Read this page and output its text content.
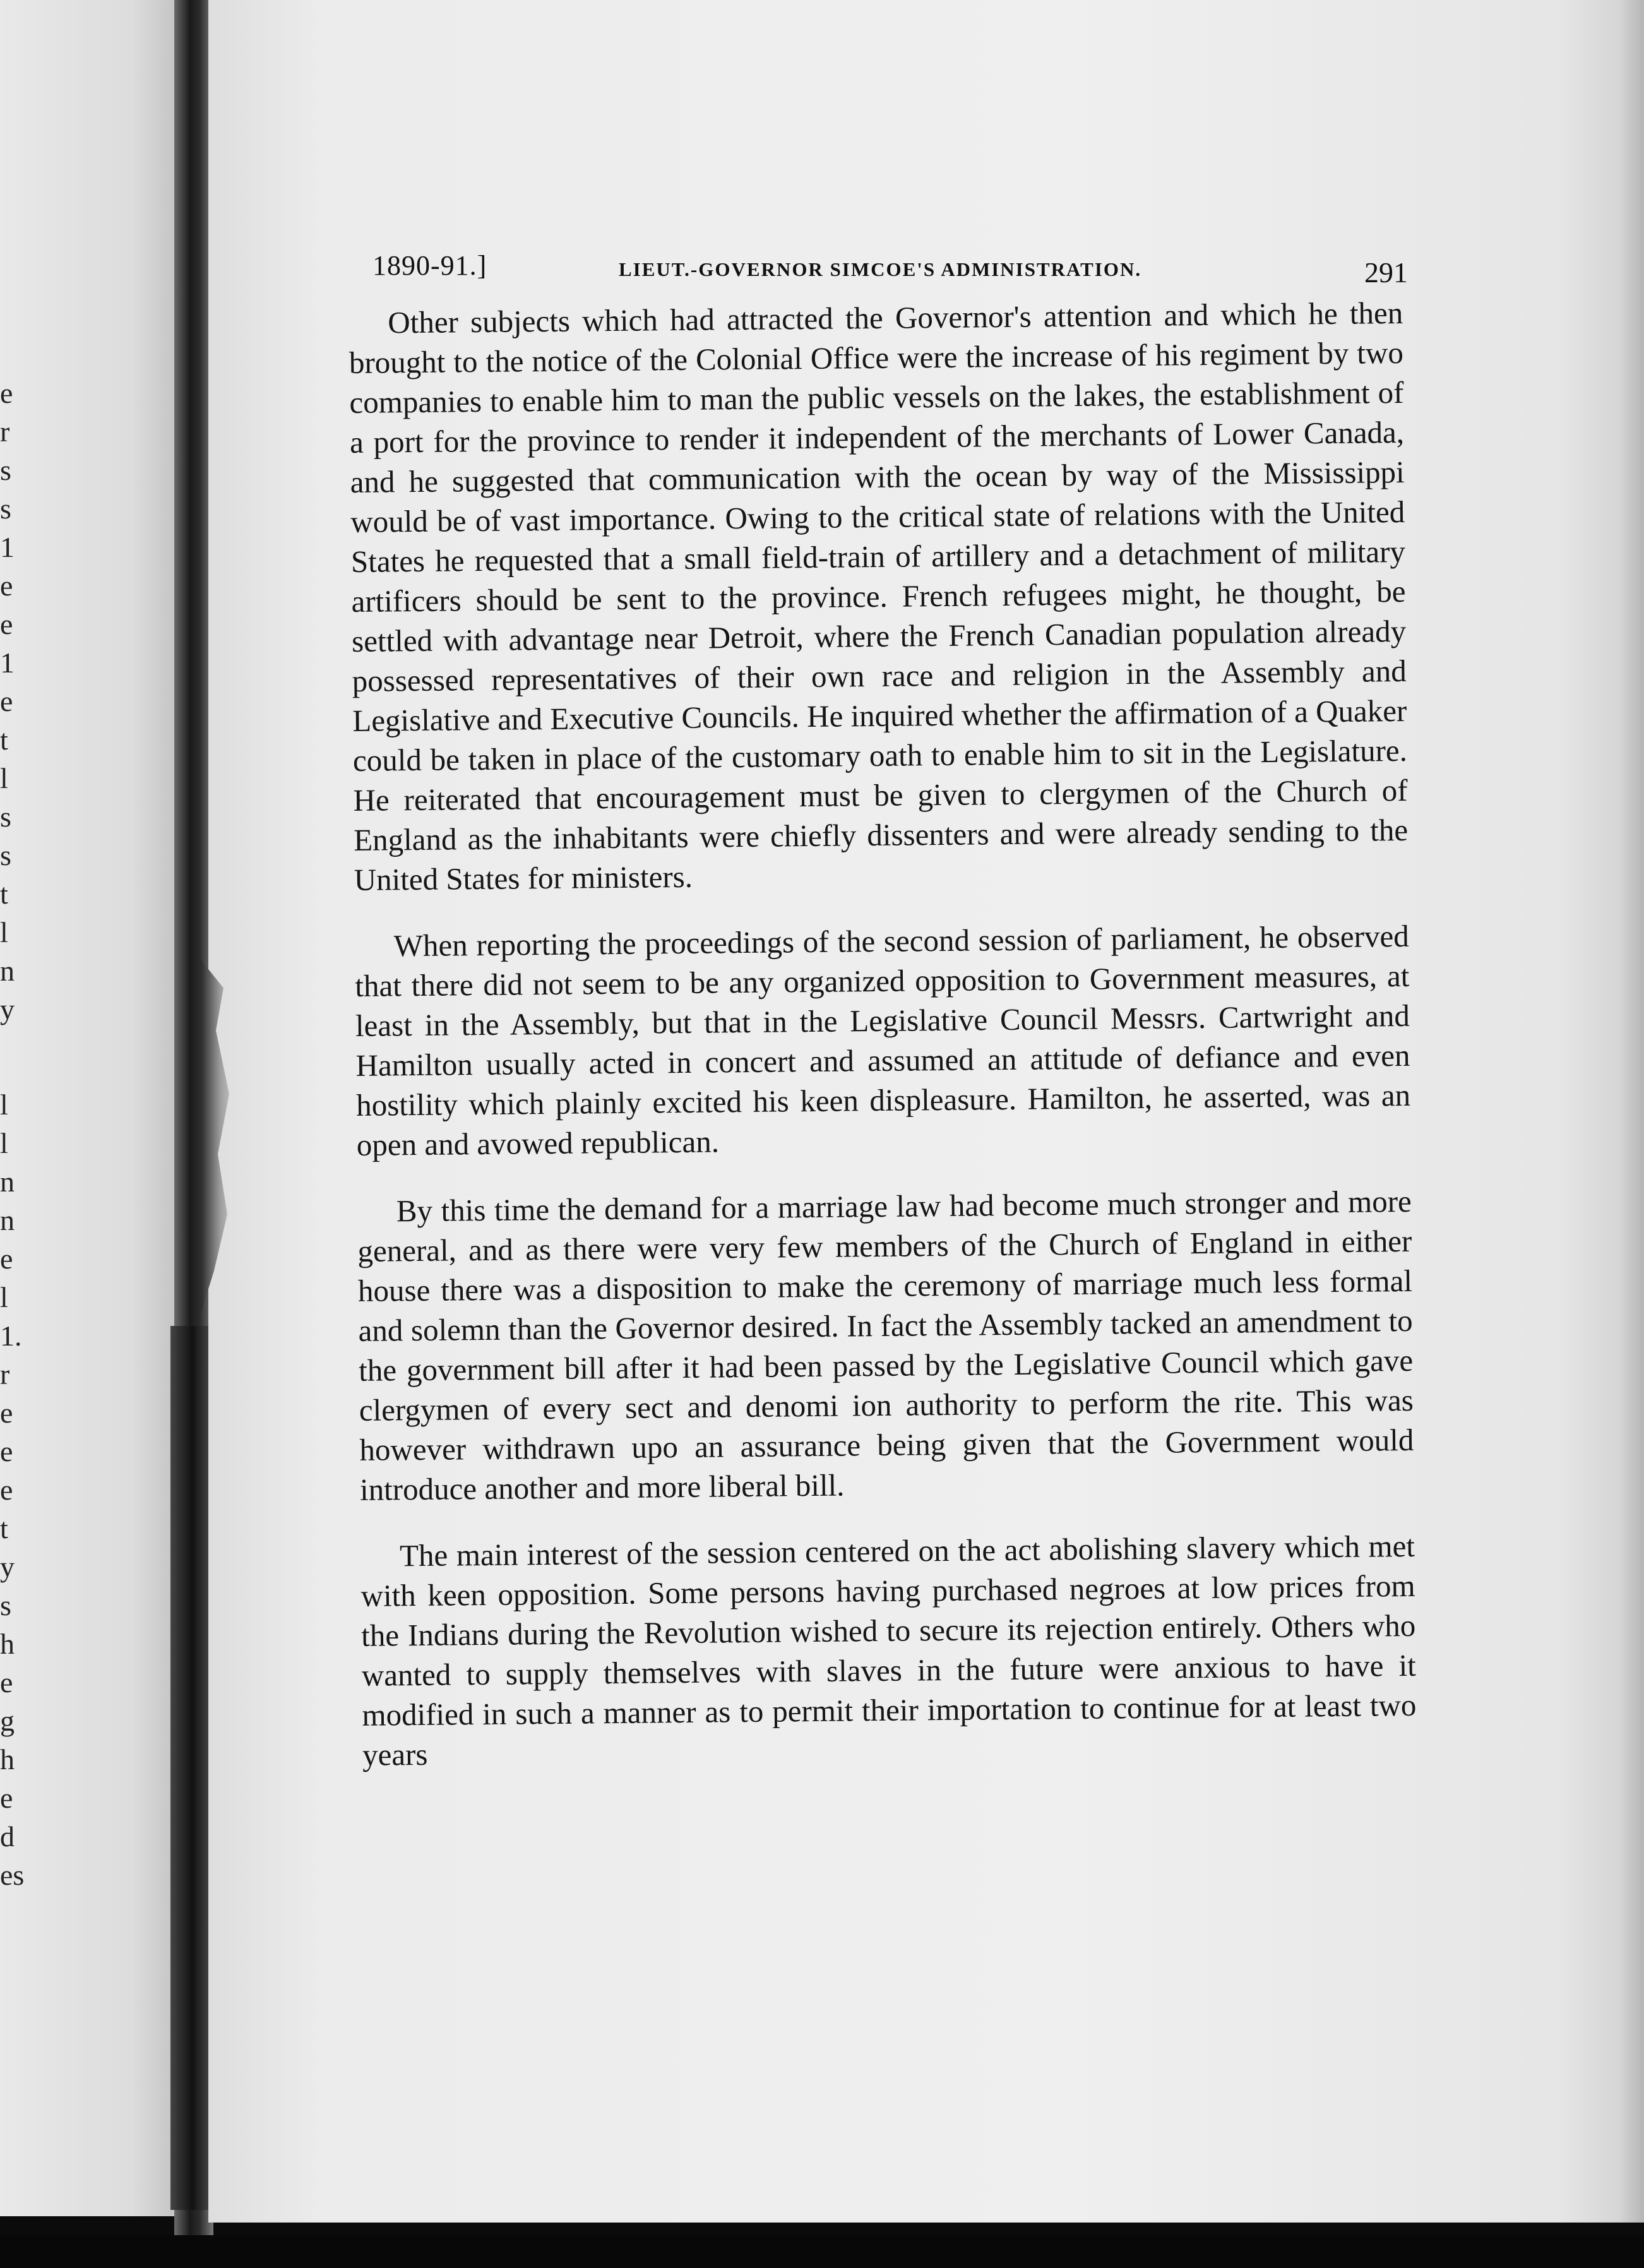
e
r
s
s
1
e
e
1
e
t
l
s
s
t
l
n
y
l
l
n
n
e
l
1.
r
e
e
e
t
y
s
h
e
g
h
e
d
es
1890-91.]	LIEUT.-GOVERNOR SIMCOE'S ADMINISTRATION.	291

Other subjects which had attracted the Governor's attention and which he then brought to the notice of the Colonial Office were the increase of his regiment by two companies to enable him to man the public vessels on the lakes, the establishment of a port for the province to render it independent of the merchants of Lower Canada, and he suggested that communication with the ocean by way of the Mississippi would be of vast importance. Owing to the critical state of relations with the United States he requested that a small field-train of artillery and a detachment of military artificers should be sent to the province. French refugees might, he thought, be settled with advantage near Detroit, where the French Canadian population already possessed representatives of their own race and religion in the Assembly and Legislative and Executive Councils. He inquired whether the affirmation of a Quaker could be taken in place of the customary oath to enable him to sit in the Legislature. He reiterated that encouragement must be given to clergymen of the Church of England as the inhabitants were chiefly dissenters and were already sending to the United States for ministers.

When reporting the proceedings of the second session of parliament, he observed that there did not seem to be any organized opposition to Government measures, at least in the Assembly, but that in the Legislative Council Messrs. Cartwright and Hamilton usually acted in concert and assumed an attitude of defiance and even hostility which plainly excited his keen displeasure. Hamilton, he asserted, was an open and avowed republican.

By this time the demand for a marriage law had become much stronger and more general, and as there were very few members of the Church of England in either house there was a disposition to make the ceremony of marriage much less formal and solemn than the Governor desired. In fact the Assembly tacked an amendment to the government bill after it had been passed by the Legislative Council which gave clergymen of every sect and denomi ion authority to perform the rite. This was however withdrawn upo an assurance being given that the Government would introduce another and more liberal bill.

The main interest of the session centered on the act abolishing slavery which met with keen opposition. Some persons having purchased negroes at low prices from the Indians during the Revolution wished to secure its rejection entirely. Others who wanted to supply themselves with slaves in the future were anxious to have it modified in such a manner as to permit their importation to continue for at least two years
